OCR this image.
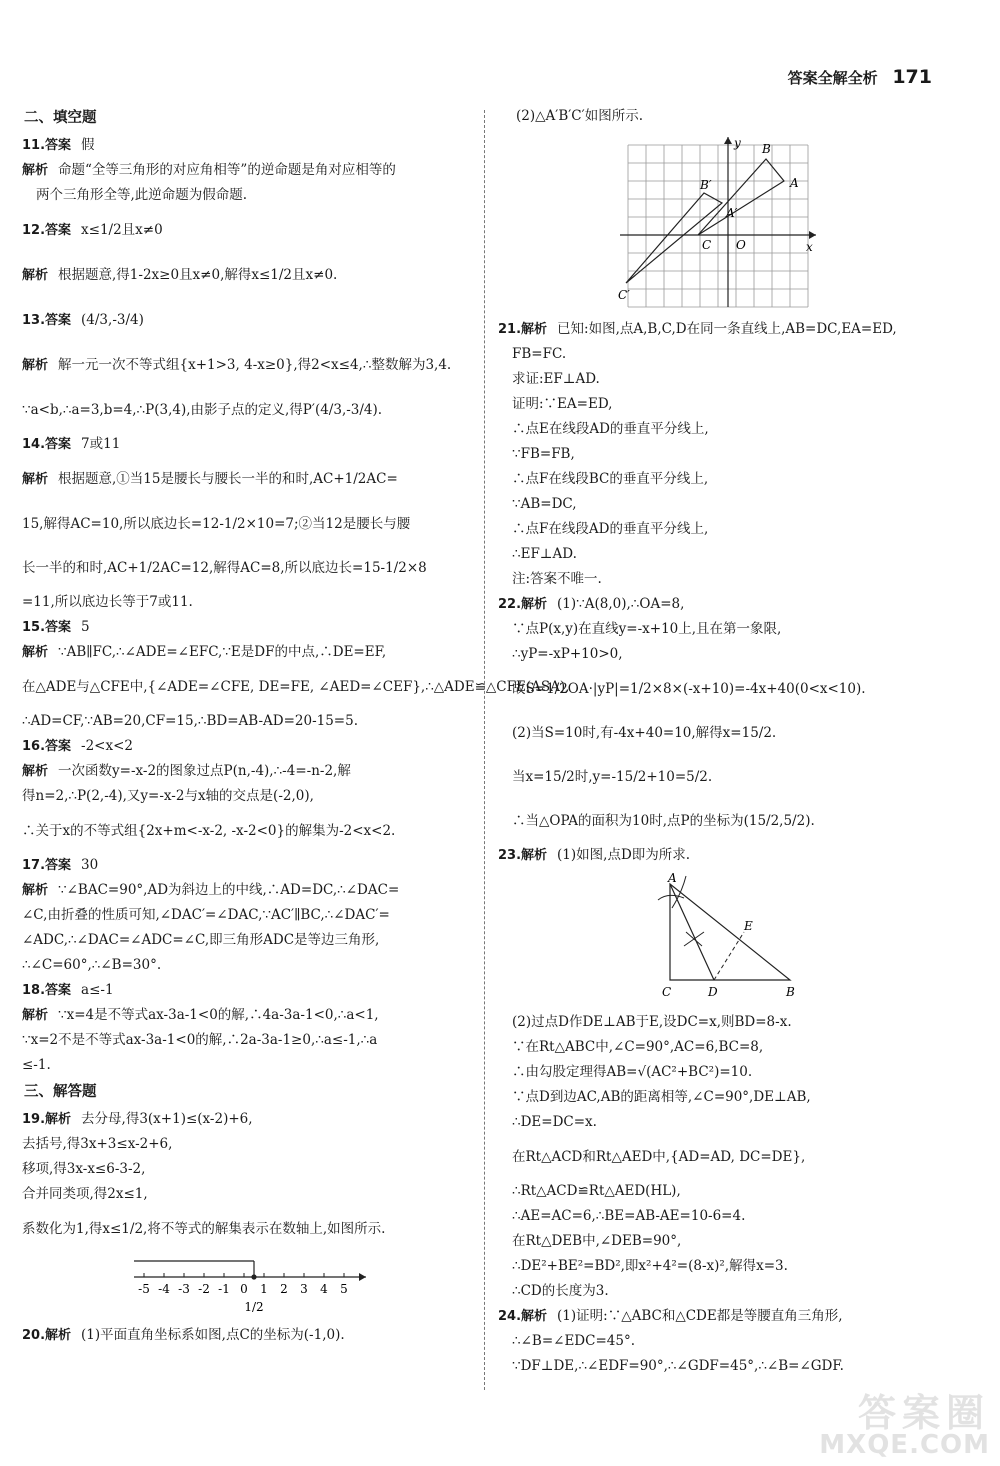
答案全解全析 171
二、填空题
11.答案 假
解析 命题“全等三角形的对应角相等”的逆命题是角对应相等的
两个三角形全等,此逆命题为假命题.
12.答案 x≤1/2且x≠0
解析 根据题意,得1-2x≥0且x≠0,解得x≤1/2且x≠0.
13.答案 (4/3,-3/4)
解析 解一元一次不等式组{x+1>3, 4-x≥0},得2<x≤4,∴整数解为3,4.
∵a<b,∴a=3,b=4,∴P(3,4),由影子点的定义,得P′(4/3,-3/4).
14.答案 7或11
解析 根据题意,①当15是腰长与腰长一半的和时,AC+1/2AC=
15,解得AC=10,所以底边长=12-1/2×10=7;②当12是腰长与腰
长一半的和时,AC+1/2AC=12,解得AC=8,所以底边长=15-1/2×8
=11,所以底边长等于7或11.
15.答案 5
解析 ∵AB∥FC,∴∠ADE=∠EFC,∵E是DF的中点,∴DE=EF,
在△ADE与△CFE中,{∠ADE=∠CFE, DE=FE, ∠AED=∠CEF},∴△ADE≌△CFE(ASA),
∴AD=CF,∵AB=20,CF=15,∴BD=AB-AD=20-15=5.
16.答案 -2<x<2
解析 一次函数y=-x-2的图象过点P(n,-4),∴-4=-n-2,解
得n=2,∴P(2,-4),又y=-x-2与x轴的交点是(-2,0),
∴关于x的不等式组{2x+m<-x-2, -x-2<0}的解集为-2<x<2.
17.答案 30
解析 ∵∠BAC=90°,AD为斜边上的中线,∴AD=DC,∴∠DAC=
∠C,由折叠的性质可知,∠DAC′=∠DAC,∵AC′∥BC,∴∠DAC′=
∠ADC,∴∠DAC=∠ADC=∠C,即三角形ADC是等边三角形,
∴∠C=60°,∴∠B=30°.
18.答案 a≤-1
解析 ∵x=4是不等式ax-3a-1<0的解,∴4a-3a-1<0,∴a<1,
∵x=2不是不等式ax-3a-1<0的解,∴2a-3a-1≥0,∴a≤-1,∴a
≤-1.
三、解答题
19.解析 去分母,得3(x+1)≤(x-2)+6,
去括号,得3x+3≤x-2+6,
移项,得3x-x≤6-3-2,
合并同类项,得2x≤1,
系数化为1,得x≤1/2,将不等式的解集表示在数轴上,如图所示.
-5 -4 -3 -2 -1 0 1 2 3 4 5
1/2
20.解析 (1)平面直角坐标系如图,点C的坐标为(-1,0).
(2)△A′B′C′如图所示.
y
x
B
A
B′
A′
C O
C′
21.解析 已知:如图,点A,B,C,D在同一条直线上,AB=DC,EA=ED,
FB=FC.
求证:EF⊥AD.
证明:∵EA=ED,
∴点E在线段AD的垂直平分线上,
∵FB=FB,
∴点F在线段BC的垂直平分线上,
∵AB=DC,
∴点F在线段AD的垂直平分线上,
∴EF⊥AD.
注:答案不唯一.
22.解析 (1)∵A(8,0),∴OA=8,
∵点P(x,y)在直线y=-x+10上,且在第一象限,
∴yP=-xP+10>0,
故S=1/2OA·|yP|=1/2×8×(-x+10)=-4x+40(0<x<10).
(2)当S=10时,有-4x+40=10,解得x=15/2.
当x=15/2时,y=-15/2+10=5/2.
∴当△OPA的面积为10时,点P的坐标为(15/2,5/2).
23.解析 (1)如图,点D即为所求.
A
E
C	D	B
(2)过点D作DE⊥AB于E,设DC=x,则BD=8-x.
∵在Rt△ABC中,∠C=90°,AC=6,BC=8,
∴由勾股定理得AB=√(AC²+BC²)=10.
∵点D到边AC,AB的距离相等,∠C=90°,DE⊥AB,
∴DE=DC=x.
在Rt△ACD和Rt△AED中,{AD=AD, DC=DE},
∴Rt△ACD≌Rt△AED(HL),
∴AE=AC=6,∴BE=AB-AE=10-6=4.
在Rt△DEB中,∠DEB=90°,
∴DE²+BE²=BD²,即x²+4²=(8-x)²,解得x=3.
∴CD的长度为3.
24.解析 (1)证明:∵△ABC和△CDE都是等腰直角三角形,
∴∠B=∠EDC=45°.
∵DF⊥DE,∴∠EDF=90°,∴∠GDF=45°,∴∠B=∠GDF.
答案圈
MXQE.COM
